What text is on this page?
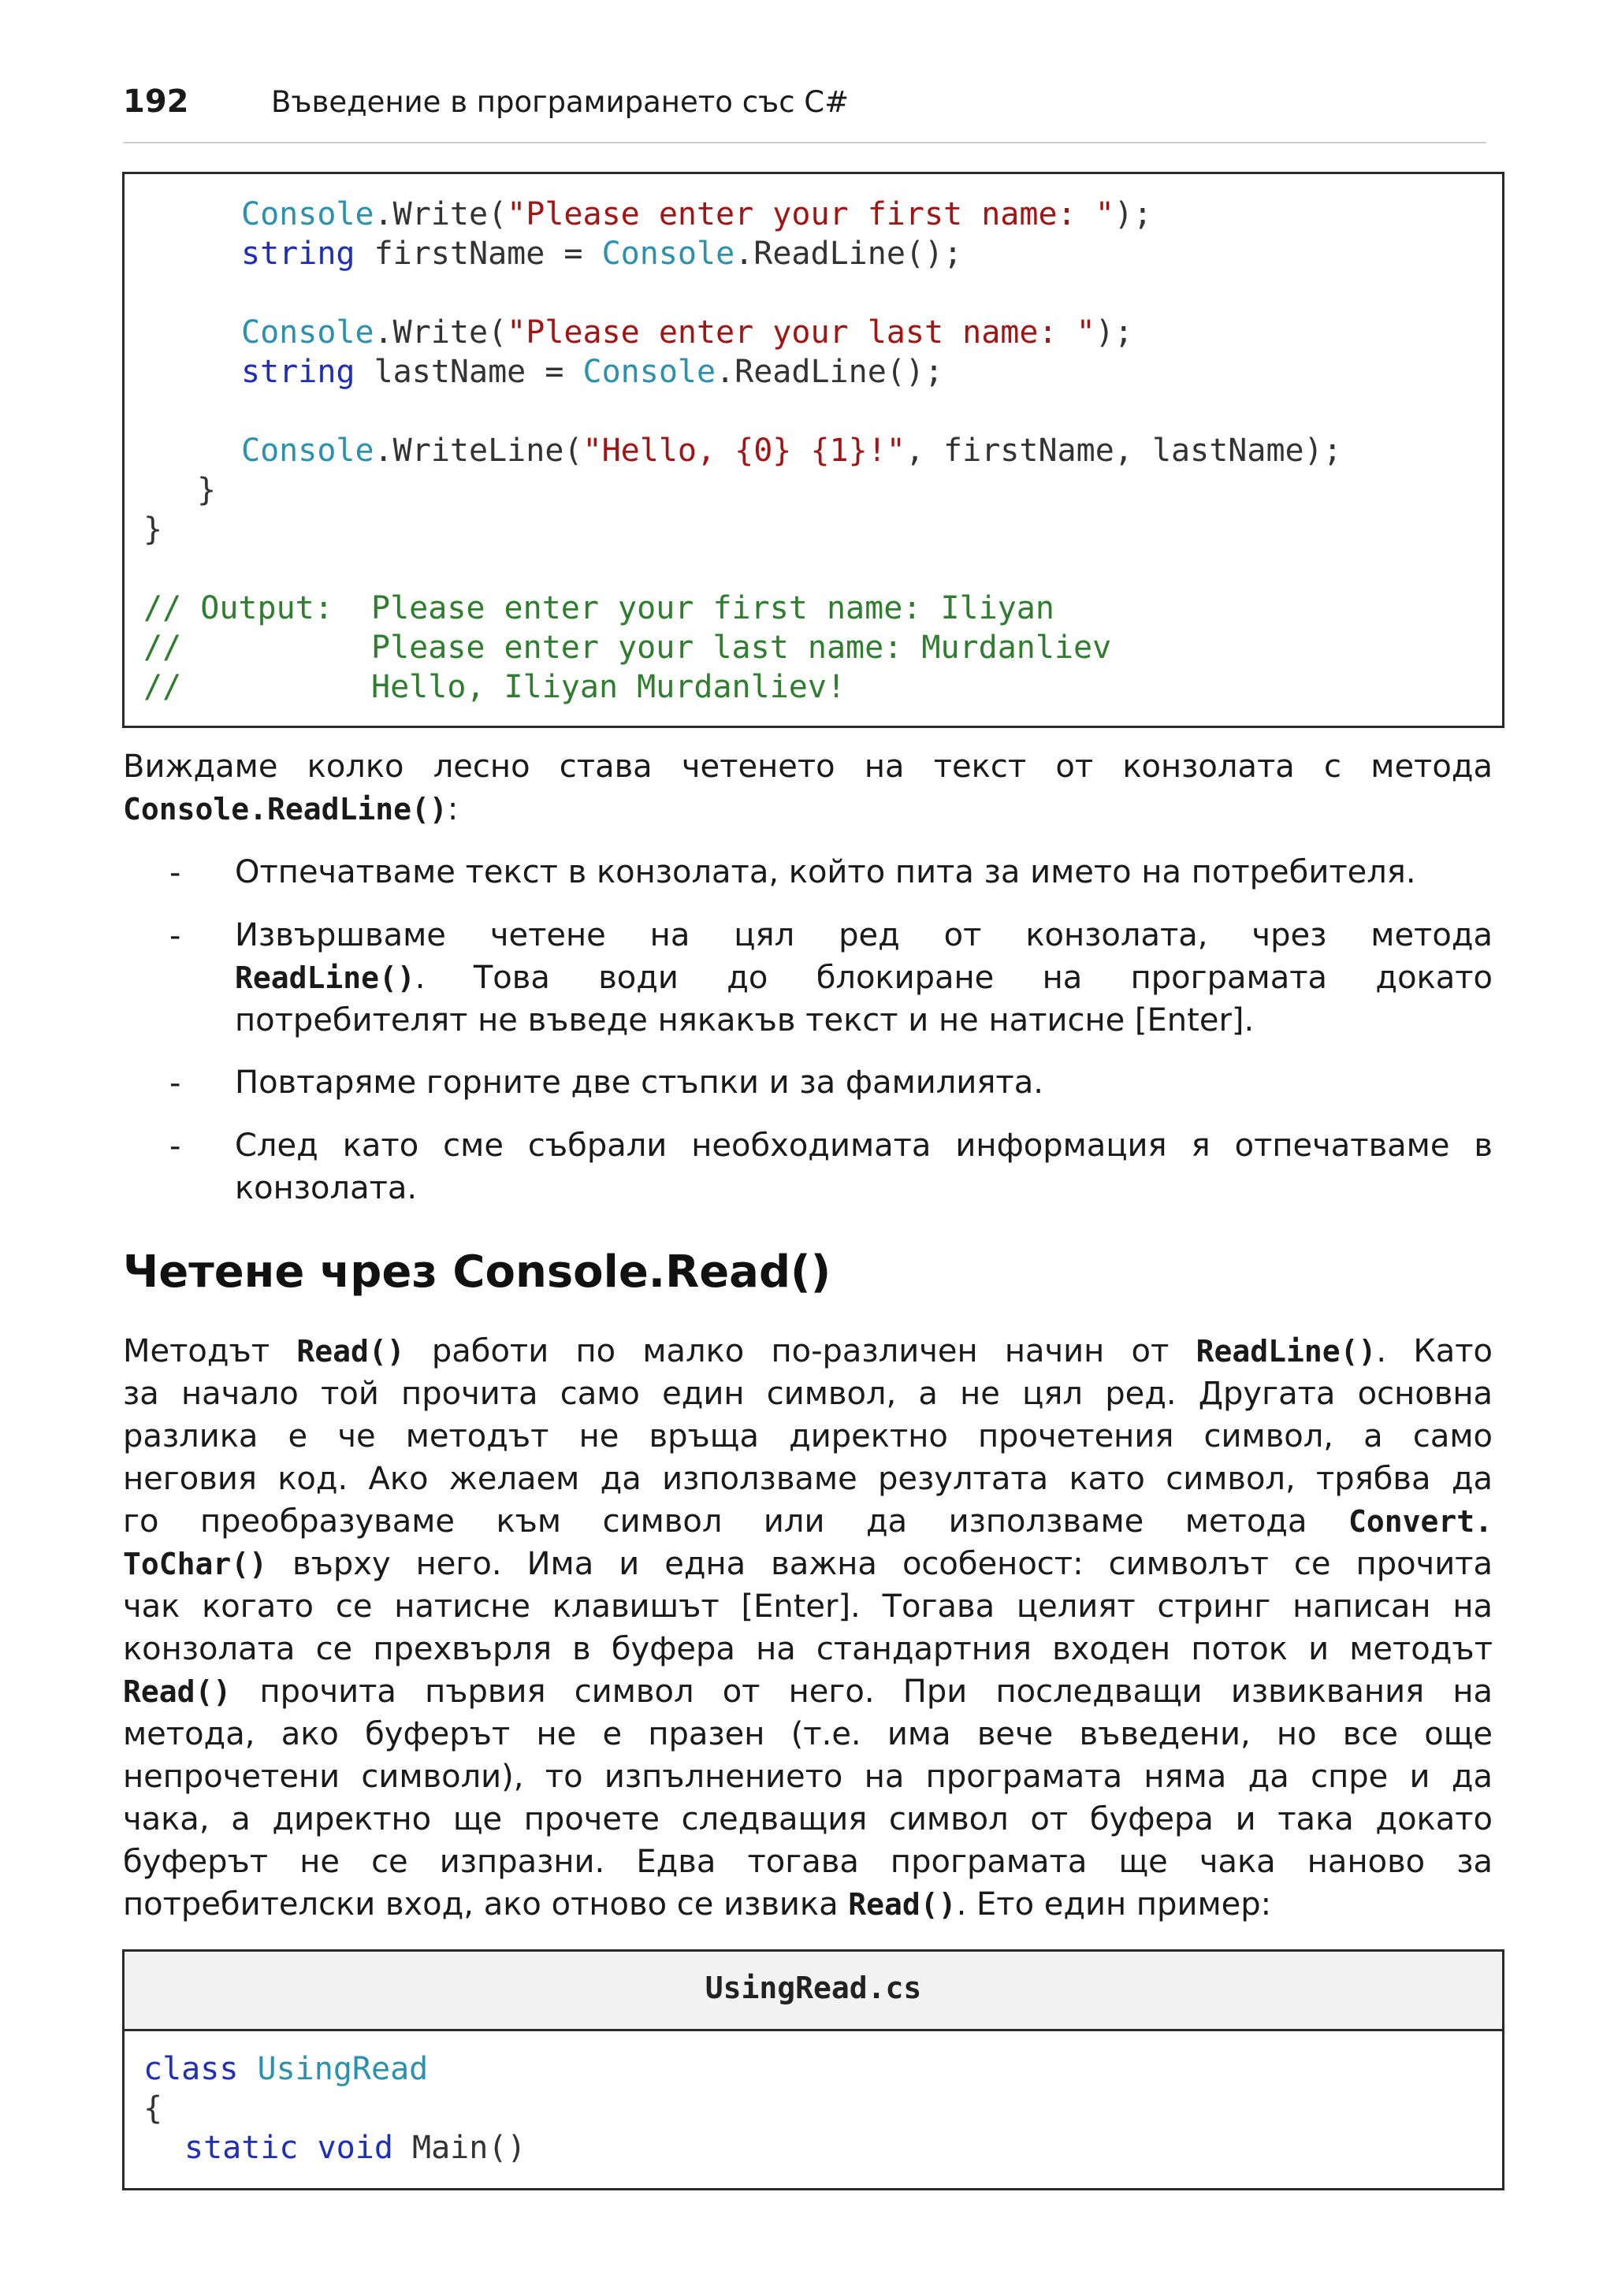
192	Въведение в програмирането със C#
Console.Write("Please enter your first name: ");
string firstName = Console.ReadLine();
Console.Write("Please enter your last name: ");
string lastName = Console.ReadLine();
Console.WriteLine("Hello, {0} {1}!", firstName, lastName);
}
}
// Output:  Please enter your first name: Iliyan
//          Please enter your last name: Murdanliev
//          Hello, Iliyan Murdanliev!
Виждаме колко лесно става четенето на текст от конзолата с метода
Console.ReadLine():
- Отпечатваме текст в конзолата, който пита за името на потребителя.
- Извършваме четене на цял ред от конзолата, чрез метода
ReadLine(). Това води до блокиране на програмата докато
потребителят не въведе някакъв текст и не натисне [Enter].
- Повтаряме горните две стъпки и за фамилията.
- След като сме събрали необходимата информация я отпечатваме в
конзолата.
Четене чрез Console.Read()
Методът Read() работи по малко по-различен начин от ReadLine(). Като
за начало той прочита само един символ, а не цял ред. Другата основна
разлика е че методът не връща директно прочетения символ, а само
неговия код. Ако желаем да използваме резултата като символ, трябва да
го преобразуваме към символ или да използваме метода Convert.
ToChar() върху него. Има и една важна особеност: символът се прочита
чак когато се натисне клавишът [Enter]. Тогава целият стринг написан на
конзолата се прехвърля в буфера на стандартния входен поток и методът
Read() прочита първия символ от него. При последващи извиквания на
метода, ако буферът не е празен (т.е. има вече въведени, но все още
непрочетени символи), то изпълнението на програмата няма да спре и да
чака, а директно ще прочете следващия символ от буфера и така докато
буферът не се изпразни. Едва тогава програмата ще чака наново за
потребителски вход, ако отново се извика Read(). Ето един пример:
UsingRead.cs
class UsingRead
{
static void Main()
